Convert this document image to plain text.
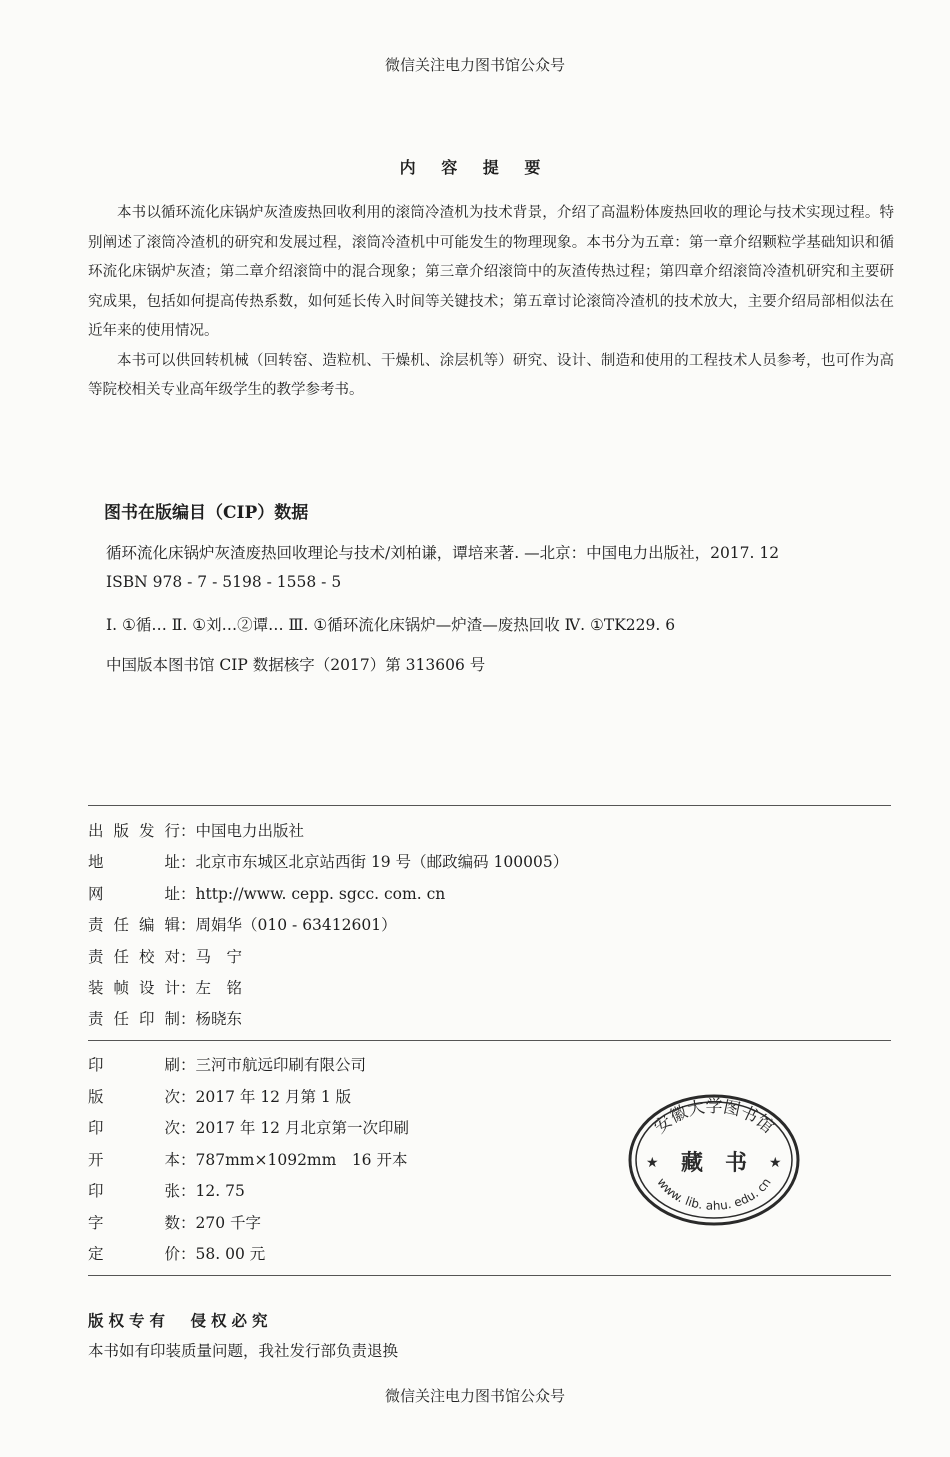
微信关注电力图书馆公众号
内 容 提 要

本书以循环流化床锅炉灰渣废热回收利用的滚筒冷渣机为技术背景，介绍了高温粉体废热回收的理论与技术实现过程。特别阐述了滚筒冷渣机的研究和发展过程，滚筒冷渣机中可能发生的物理现象。本书分为五章：第一章介绍颗粒学基础知识和循环流化床锅炉灰渣；第二章介绍滚筒中的混合现象；第三章介绍滚筒中的灰渣传热过程；第四章介绍滚筒冷渣机研究和主要研究成果，包括如何提高传热系数，如何延长传入时间等关键技术；第五章讨论滚筒冷渣机的技术放大，主要介绍局部相似法在近年来的使用情况。

本书可以供回转机械（回转窑、造粒机、干燥机、涂层机等）研究、设计、制造和使用的工程技术人员参考，也可作为高等院校相关专业高年级学生的教学参考书。

图书在版编目（CIP）数据
循环流化床锅炉灰渣废热回收理论与技术/刘柏谦，谭培来著. —北京：中国电力出版社，2017. 12
ISBN 978 - 7 - 5198 - 1558 - 5
Ⅰ. ①循… Ⅱ. ①刘…②谭… Ⅲ. ①循环流化床锅炉—炉渣—废热回收 Ⅳ. ①TK229. 6
中国版本图书馆 CIP 数据核字（2017）第 313606 号
出版发行：中国电力出版社
地址：北京市东城区北京站西街 19 号（邮政编码 100005）
网址：http://www. cepp. sgcc. com. cn
责任编辑：周娟华（010 - 63412601）
责任校对：马　宁
装帧设计：左　铭
责任印制：杨晓东
印刷：三河市航远印刷有限公司
版次：2017 年 12 月第 1 版
印次：2017 年 12 月北京第一次印刷
开本：787mm×1092mm　16 开本
印张：12. 75
字数：270 千字
定价：58. 00 元
安徽大学图书馆
★	★
藏　书
www. lib. ahu. edu. cn
版权专有　侵权必究
本书如有印装质量问题，我社发行部负责退换
微信关注电力图书馆公众号
